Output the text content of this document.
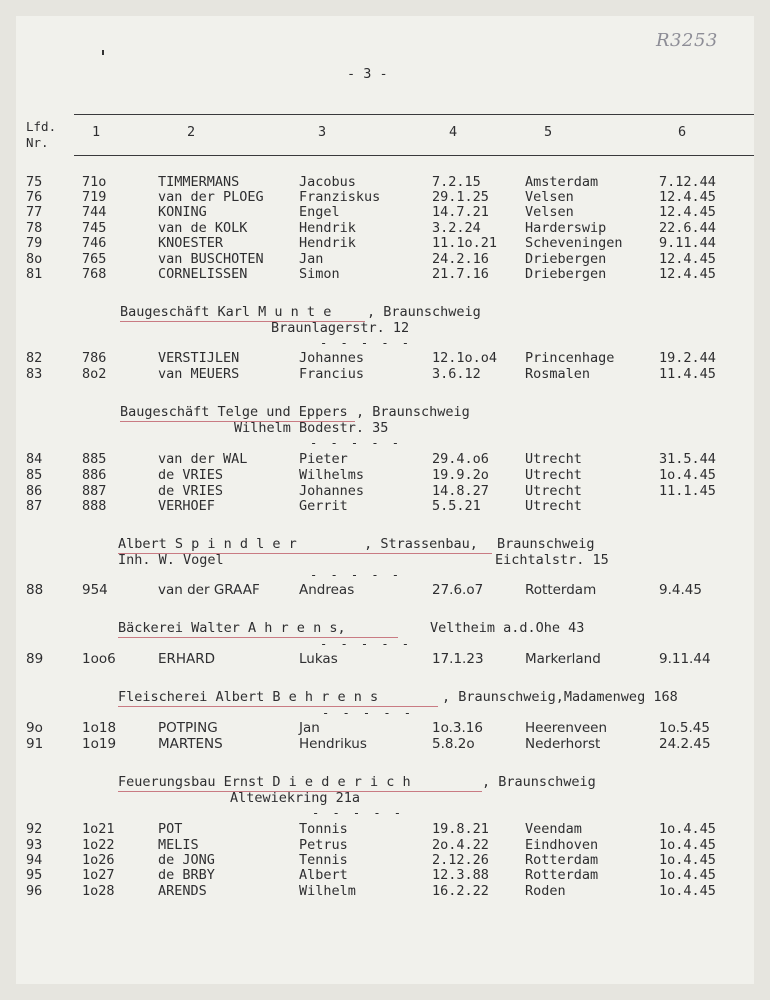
R3253
- 3 -
Lfd.
Nr.
1	2	3	4	5	6
Baugeschäft Karl M u n t e	, Braunschweig
Braunlagerstr. 12
- - - - -
Baugeschäft Telge und Eppers , Braunschweig
Wilhelm Bodestr. 35
- - - - -
Albert S p i n d l e r	, Strassenbau, Braunschweig
Inh. W. Vogel	Eichtalstr. 15
- - - - -
Bäckerei Walter A h r e n s,	Veltheim a.d.Ohe 43
- - - - -
Fleischerei Albert B e h r e n s	, Braunschweig,Madamenweg 168
- - - - -
Feuerungsbau Ernst D i e d e r i c h	, Braunschweig
Altewiekring 21a
- - - - -
75	71o	TIMMERMANS	Jacobus	7.2.15	Amsterdam	7.12.44
76	719	van der PLOEG	Franziskus	29.1.25	Velsen	12.4.45
77	744	KONING	Engel	14.7.21	Velsen	12.4.45
78	745	van de KOLK	Hendrik	3.2.24	Harderswip	22.6.44
79	746	KNOESTER	Hendrik	11.1o.21 Scheveningen	9.11.44
8o	765	van BUSCHOTEN	Jan	24.2.16	Driebergen	12.4.45
81	768	CORNELISSEN	Simon	21.7.16	Driebergen	12.4.45
82	786	VERSTIJLEN	Johannes	12.1o.o4 Princenhage	19.2.44
83	8o2	van MEUERS	Francius	3.6.12	Rosmalen	11.4.45
84	885	van der WAL	Pieter	29.4.o6	Utrecht	31.5.44
85	886	de VRIES	Wilhelms	19.9.2o	Utrecht	1o.4.45
86	887	de VRIES	Johannes	14.8.27	Utrecht	11.1.45
87	888	VERHOEF	Gerrit	5.5.21	Utrecht
88	954	van der GRAAF	Andreas	27.6.o7	Rotterdam	9.4.45
89	1oo6	ERHARD	Lukas	17.1.23	Markerland	9.11.44
9o	1o18	POTPING	Jan	1o.3.16	Heerenveen	1o.5.45
91	1o19	MARTENS	Hendrikus	5.8.2o	Nederhorst	24.2.45
92	1o21	POT	Tonnis	19.8.21	Veendam	1o.4.45
93	1o22	MELIS	Petrus	2o.4.22	Eindhoven	1o.4.45
94	1o26	de JONG	Tennis	2.12.26	Rotterdam	1o.4.45
95	1o27	de BRBY	Albert	12.3.88	Rotterdam	1o.4.45
96	1o28	ARENDS	Wilhelm	16.2.22	Roden	1o.4.45
